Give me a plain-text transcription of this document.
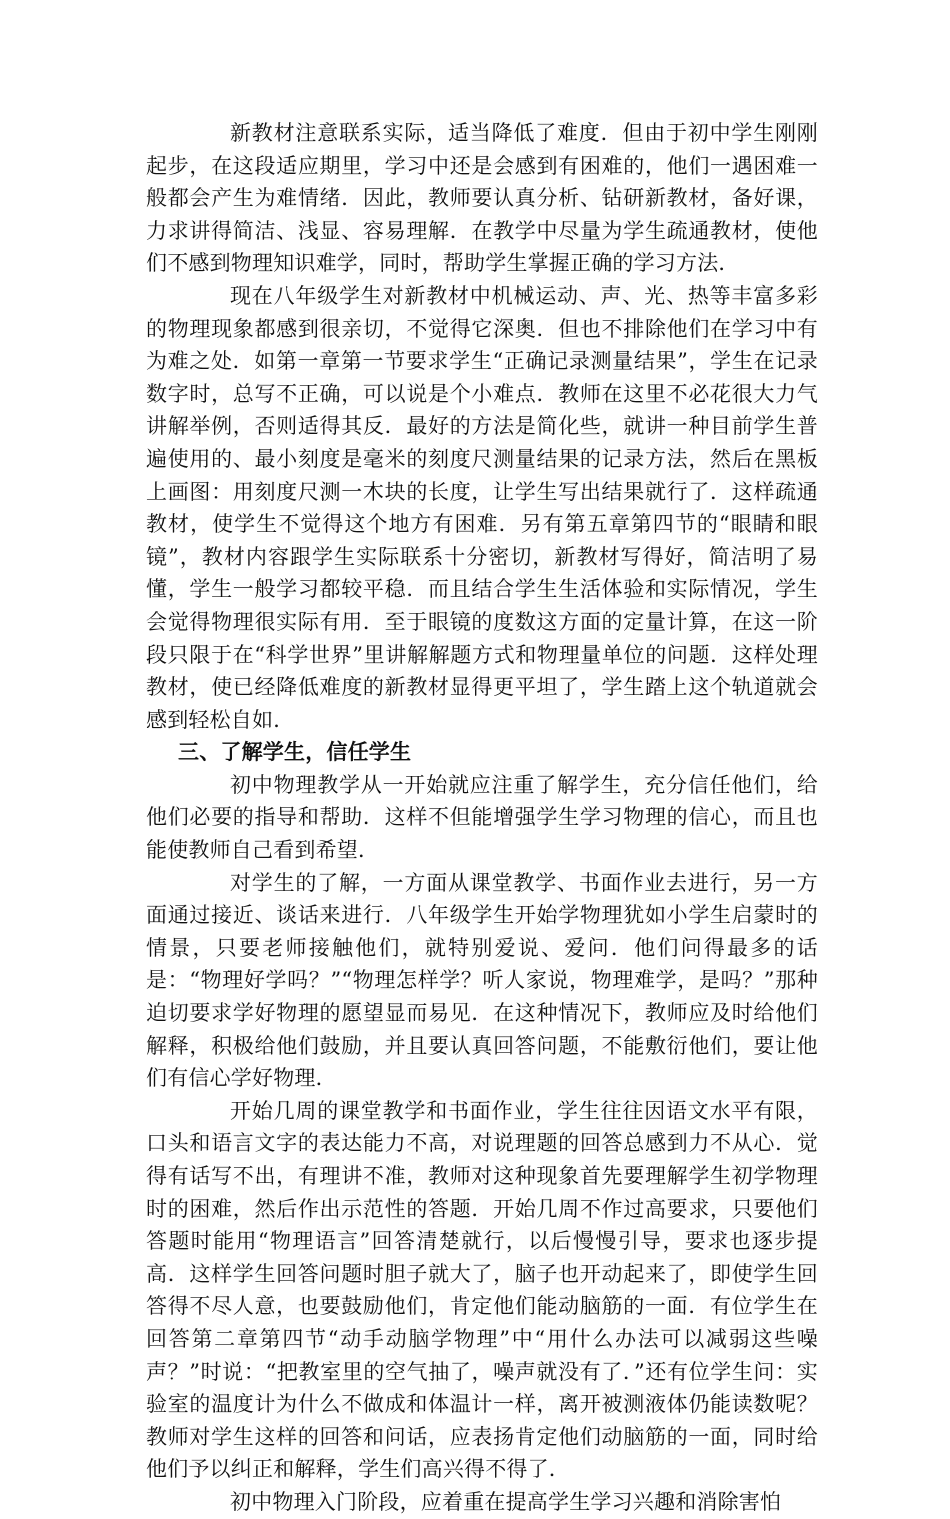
新教材注意联系实际，适当降低了难度．但由于初中学生刚刚起步，在这段适应期里，学习中还是会感到有困难的，他们一遇困难一般都会产生为难情绪．因此，教师要认真分析、钻研新教材，备好课，力求讲得简洁、浅显、容易理解．在教学中尽量为学生疏通教材，使他们不感到物理知识难学，同时，帮助学生掌握正确的学习方法．

现在八年级学生对新教材中机械运动、声、光、热等丰富多彩的物理现象都感到很亲切，不觉得它深奥．但也不排除他们在学习中有为难之处．如第一章第一节要求学生“正确记录测量结果”，学生在记录数字时，总写不正确，可以说是个小难点．教师在这里不必花很大力气讲解举例，否则适得其反．最好的方法是简化些，就讲一种目前学生普遍使用的、最小刻度是毫米的刻度尺测量结果的记录方法，然后在黑板上画图：用刻度尺测一木块的长度，让学生写出结果就行了．这样疏通教材，使学生不觉得这个地方有困难．另有第五章第四节的“眼睛和眼镜”，教材内容跟学生实际联系十分密切，新教材写得好，简洁明了易懂，学生一般学习都较平稳．而且结合学生生活体验和实际情况，学生会觉得物理很实际有用．至于眼镜的度数这方面的定量计算，在这一阶段只限于在“科学世界”里讲解解题方式和物理量单位的问题．这样处理教材，使已经降低难度的新教材显得更平坦了，学生踏上这个轨道就会感到轻松自如．

三、了解学生，信任学生

初中物理教学从一开始就应注重了解学生，充分信任他们，给他们必要的指导和帮助．这样不但能增强学生学习物理的信心，而且也能使教师自己看到希望．

对学生的了解，一方面从课堂教学、书面作业去进行，另一方面通过接近、谈话来进行．八年级学生开始学物理犹如小学生启蒙时的情景，只要老师接触他们，就特别爱说、爱问．他们问得最多的话是：“物理好学吗？”“物理怎样学？听人家说，物理难学，是吗？”那种迫切要求学好物理的愿望显而易见．在这种情况下，教师应及时给他们解释，积极给他们鼓励，并且要认真回答问题，不能敷衍他们，要让他们有信心学好物理．

开始几周的课堂教学和书面作业，学生往往因语文水平有限，口头和语言文字的表达能力不高，对说理题的回答总感到力不从心．觉得有话写不出，有理讲不准，教师对这种现象首先要理解学生初学物理时的困难，然后作出示范性的答题．开始几周不作过高要求，只要他们答题时能用“物理语言”回答清楚就行，以后慢慢引导，要求也逐步提高．这样学生回答问题时胆子就大了，脑子也开动起来了，即使学生回答得不尽人意，也要鼓励他们，肯定他们能动脑筋的一面．有位学生在回答第二章第四节“动手动脑学物理”中“用什么办法可以减弱这些噪声？”时说：“把教室里的空气抽了，噪声就没有了．”还有位学生问：实验室的温度计为什么不做成和体温计一样，离开被测液体仍能读数呢？教师对学生这样的回答和问话，应表扬肯定他们动脑筋的一面，同时给他们予以纠正和解释，学生们高兴得不得了．

初中物理入门阶段，应着重在提高学生学习兴趣和消除害怕
